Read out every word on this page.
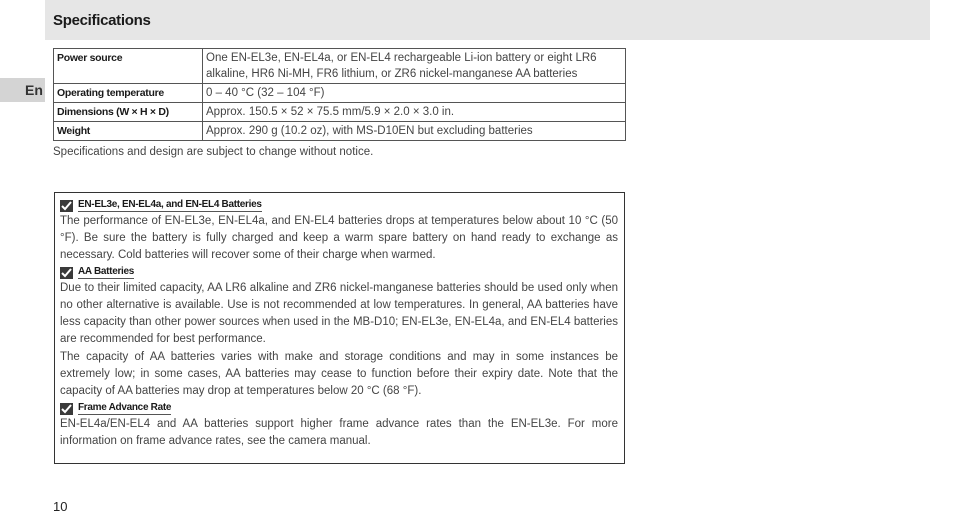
Specifications
En
Power source	One EN-EL3e, EN-EL4a, or EN-EL4 rechargeable Li-ion battery or eight LR6 alkaline, HR6 Ni-MH, FR6 lithium, or ZR6 nickel-manganese AA batteries
Operating temperature	0 – 40 °C (32 – 104 °F)
Dimensions (W × H × D)	Approx. 150.5 × 52 × 75.5 mm/5.9 × 2.0 × 3.0 in.
Weight	Approx. 290 g (10.2 oz), with MS-D10EN but excluding batteries
Specifications and design are subject to change without notice.
EN-EL3e, EN-EL4a, and EN-EL4 Batteries

The performance of EN-EL3e, EN-EL4a, and EN-EL4 batteries drops at temperatures below about 10 °C (50 °F). Be sure the battery is fully charged and keep a warm spare battery on hand ready to exchange as necessary. Cold batteries will recover some of their charge when warmed.

AA Batteries

Due to their limited capacity, AA LR6 alkaline and ZR6 nickel-manganese batteries should be used only when no other alternative is available. Use is not recommended at low temperatures. In general, AA batteries have less capacity than other power sources when used in the MB-D10; EN-EL3e, EN-EL4a, and EN-EL4 batteries are recommended for best performance.

The capacity of AA batteries varies with make and storage conditions and may in some instances be extremely low; in some cases, AA batteries may cease to function before their expiry date. Note that the capacity of AA batteries may drop at temperatures below 20 °C (68 °F).

Frame Advance Rate

EN-EL4a/EN-EL4 and AA batteries support higher frame advance rates than the EN-EL3e. For more information on frame advance rates, see the camera manual.

10
